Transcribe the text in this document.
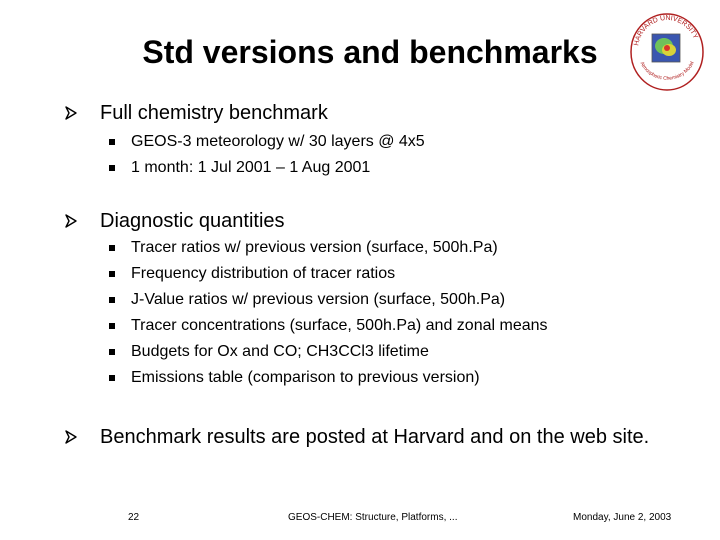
Std versions and benchmarks	HARVARD UNIVERSITY
Atmospheric Chemistry Model
Full chemistry benchmark
GEOS-3 meteorology w/ 30 layers @ 4x5
1 month: 1 Jul 2001 – 1 Aug 2001
Diagnostic quantities
Tracer ratios w/ previous version (surface, 500h.Pa)
Frequency distribution of tracer ratios
J-Value ratios w/ previous version (surface, 500h.Pa)
Tracer concentrations (surface, 500h.Pa) and zonal means
Budgets for Ox and CO; CH3CCl3 lifetime
Emissions table (comparison to previous version)
Benchmark results are posted at Harvard and on the web site.
22	GEOS-CHEM: Structure, Platforms, ...	Monday, June 2, 2003
